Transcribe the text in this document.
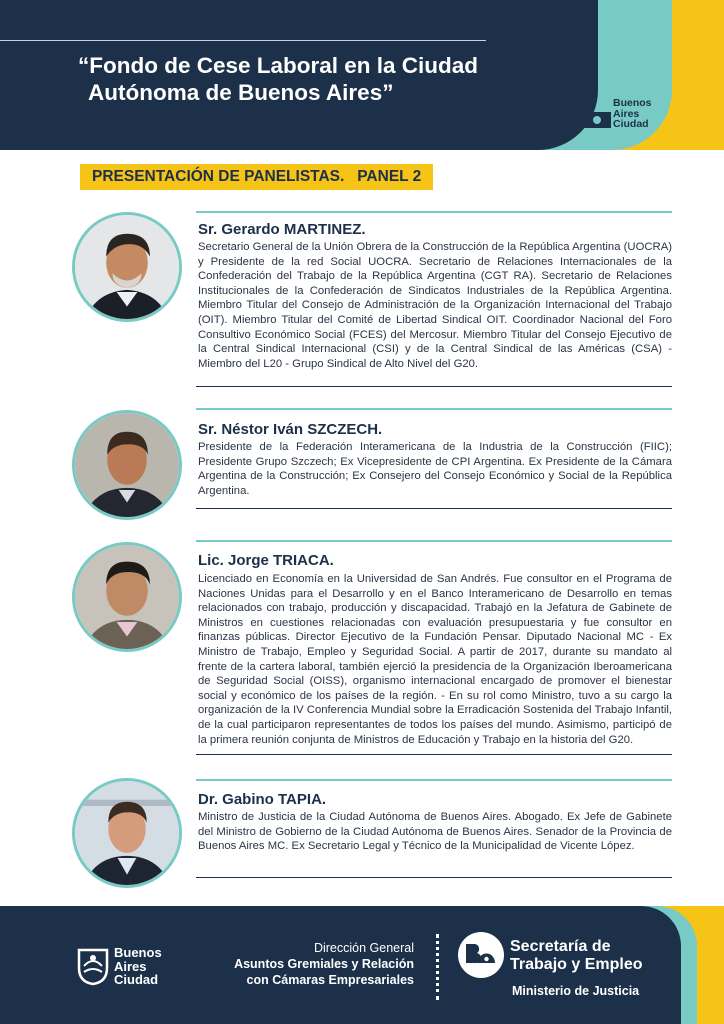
“Fondo de Cese Laboral en la Ciudad
Autónoma de Buenos Aires”	Buenos
Aires
Ciudad
PRESENTACIÓN DE PANELISTAS.   PANEL 2
Sr. Gerardo MARTINEZ.
Secretario General de la Unión Obrera de la Construcción de la República Argentina (UOCRA) y Presidente de la red Social UOCRA. Secretario de Relaciones Internacionales de la Confederación del Trabajo de la República Argentina (CGT RA). Secretario de Relaciones Institucionales de la Confederación de Sindicatos Industriales de la República Argentina. Miembro Titular del Consejo de Administración de la Organización Internacional del Trabajo (OIT). Miembro Titular del Comité de Libertad Sindical OIT. Coordinador Nacional del Foro Consultivo Económico Social (FCES) del Mercosur. Miembro Titular del Consejo Ejecutivo de la Central Sindical Internacional (CSI) y de la Central Sindical de las Américas (CSA) - Miembro del L20 - Grupo Sindical de Alto Nivel del G20.
Sr. Néstor Iván SZCZECH.
Presidente de la Federación Interamericana de la Industria de la Construcción (FIIC); Presidente Grupo Szczech; Ex Vicepresidente de CPI Argentina. Ex Presidente de la Cámara Argentina de la Construcción; Ex Consejero del Consejo Económico y Social de la República Argentina.
Lic. Jorge TRIACA.
Licenciado en Economía en la Universidad de San Andrés. Fue consultor en el Programa de Naciones Unidas para el Desarrollo y en el Banco Interamericano de Desarrollo en temas relacionados con trabajo, producción y discapacidad. Trabajó en la Jefatura de Gabinete de Ministros en cuestiones relacionadas con evaluación presupuestaria y fue consultor en finanzas públicas. Director Ejecutivo de la Fundación Pensar. Diputado Nacional MC - Ex Ministro de Trabajo, Empleo y Seguridad Social. A partir de 2017, durante su mandato al frente de la cartera laboral, también ejerció la presidencia de la Organización Iberoamericana de Seguridad Social (OISS), organismo internacional encargado de promover el bienestar social y económico de los países de la región. - En su rol como Ministro, tuvo a su cargo la organización de la IV Conferencia Mundial sobre la Erradicación Sostenida del Trabajo Infantil, de la cual participaron representantes de todos los países del mundo. Asimismo, participó de la primera reunión conjunta de Ministros de Educación y Trabajo en la historia del G20.
Dr. Gabino TAPIA.
Ministro de Justicia de la Ciudad Autónoma de Buenos Aires. Abogado. Ex Jefe de Gabinete del Ministro de Gobierno de la Ciudad Autónoma de Buenos Aires. Senador de la Provincia de Buenos Aires MC. Ex Secretario Legal y Técnico de la Municipalidad de Vicente López.
Buenos
Aires
Ciudad
Dirección General
Asuntos Gremiales y Relación
con Cámaras Empresariales
Secretaría de
Trabajo y Empleo
Ministerio de Justicia
